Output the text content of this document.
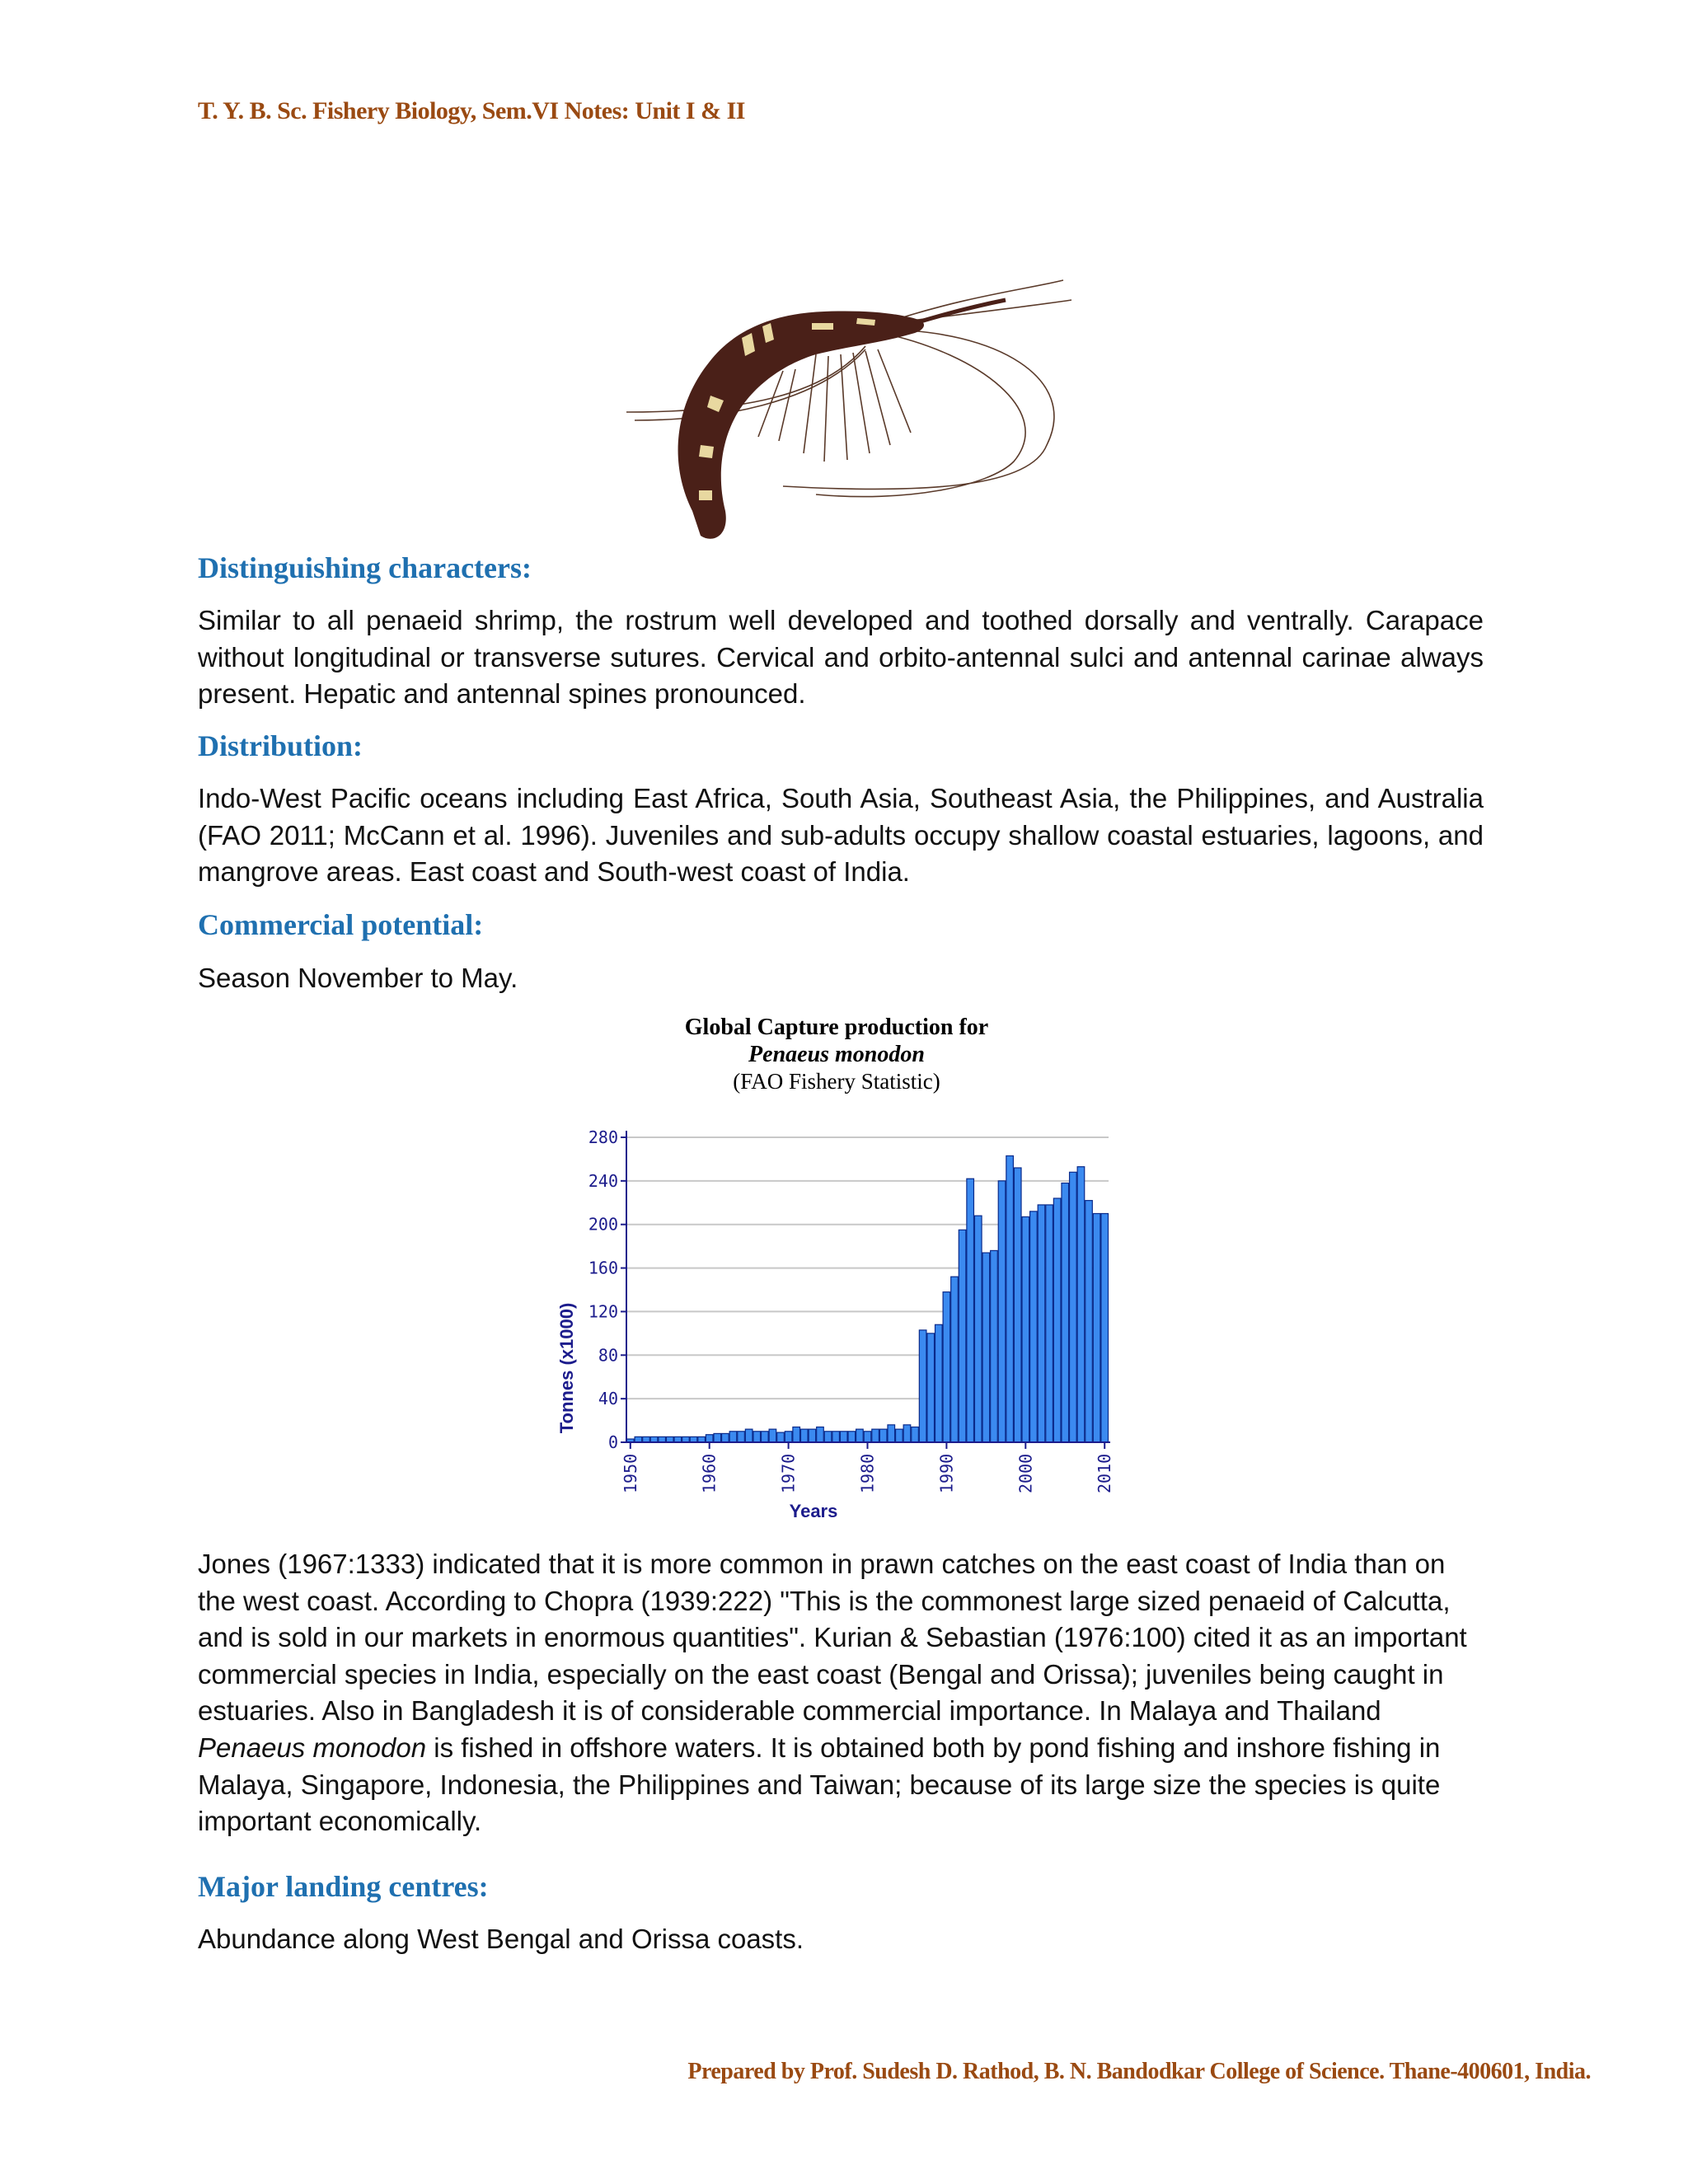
T. Y. B. Sc. Fishery Biology, Sem.VI Notes: Unit I & II
Distinguishing characters:

Similar to all penaeid shrimp, the rostrum well developed and toothed dorsally and ventrally. Carapace without longitudinal or transverse sutures. Cervical and orbito-antennal sulci and antennal carinae always present. Hepatic and antennal spines pronounced.

Distribution:

Indo-West Pacific oceans including East Africa, South Asia, Southeast Asia, the Philippines, and Australia (FAO 2011; McCann et al. 1996). Juveniles and sub-adults occupy shallow coastal estuaries, lagoons, and mangrove areas. East coast and South-west coast of India.

Commercial potential:

Season November to May.

Global Capture production for
Penaeus monodon
(FAO Fishery Statistic)
0
40
80
120
160
200
240
280
1950	1960	1970	1980	1990	2000	2010
Years
Tonnes (x1000)

Jones (1967:1333) indicated that it is more common in prawn catches on the east coast of India than on the west coast. According to Chopra (1939:222) "This is the commonest large sized penaeid of Calcutta, and is sold in our markets in enormous quantities". Kurian & Sebastian (1976:100) cited it as an important commercial species in India, especially on the east coast (Bengal and Orissa); juveniles being caught in estuaries. Also in Bangladesh it is of considerable commercial importance. In Malaya and Thailand Penaeus monodon is fished in offshore waters. It is obtained both by pond fishing and inshore fishing in Malaya, Singapore, Indonesia, the Philippines and Taiwan; because of its large size the species is quite important economically.

Major landing centres:

Abundance along West Bengal and Orissa coasts.

Prepared by Prof. Sudesh D. Rathod, B. N. Bandodkar College of Science. Thane-400601, India.
